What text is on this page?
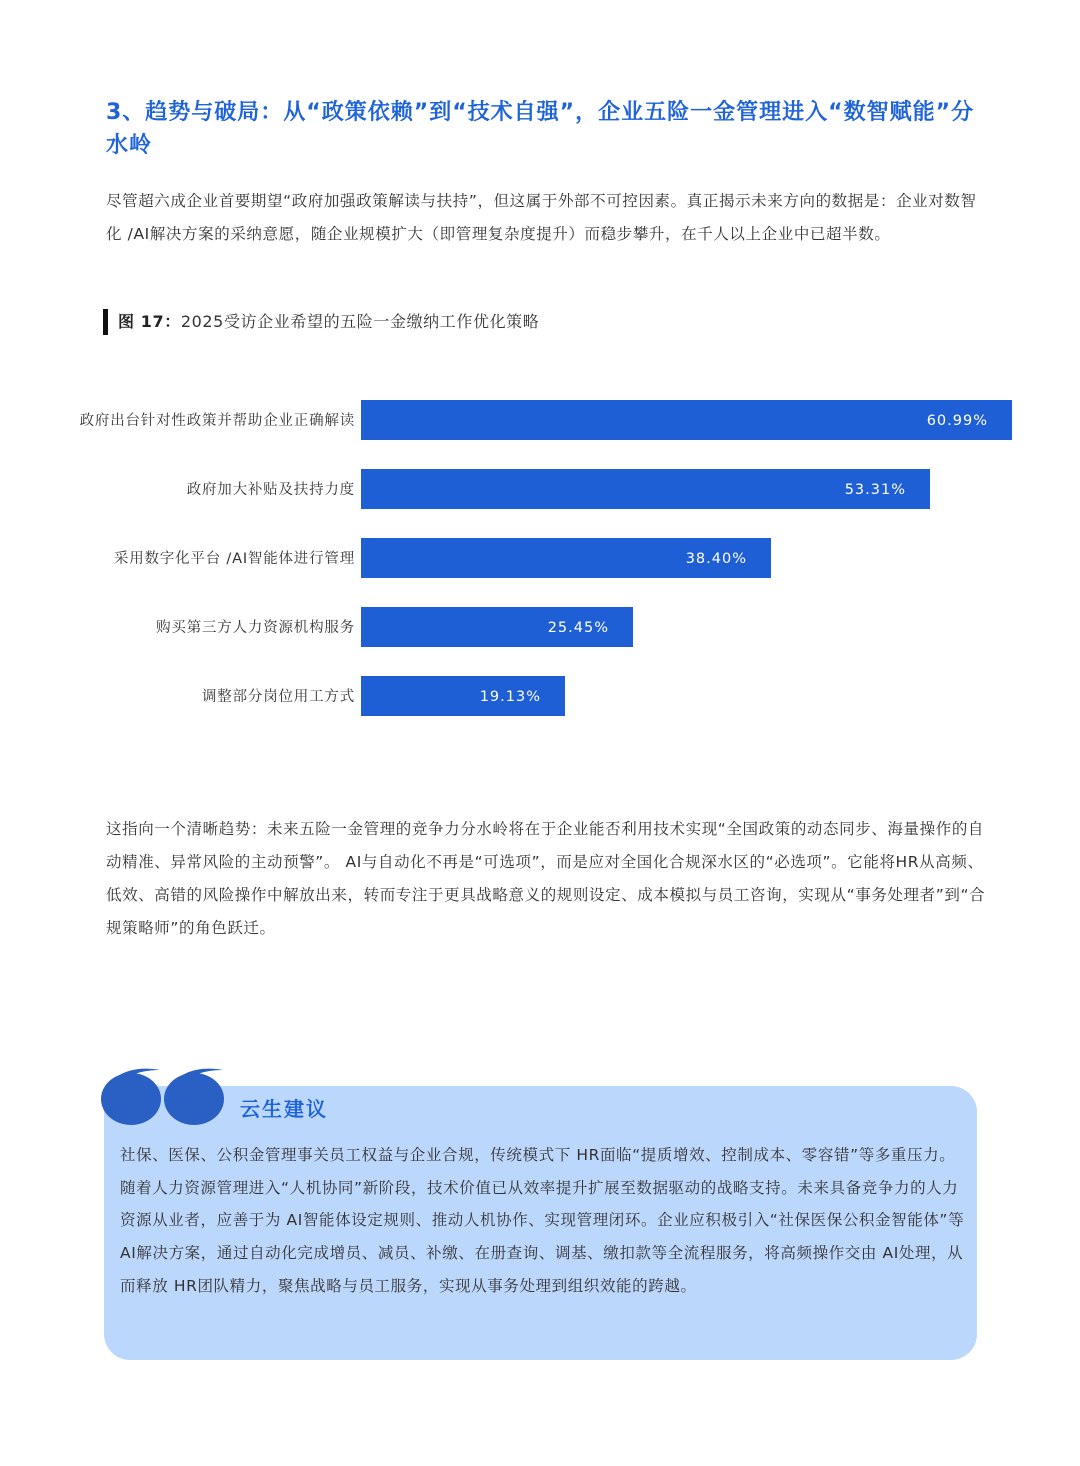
3、趋势与破局：从“政策依赖”到“技术自强”，企业五险一金管理进入“数智赋能”分水岭
尽管超六成企业首要期望“政府加强政策解读与扶持”，但这属于外部不可控因素。真正揭示未来方向的数据是：企业对数智化 /AI解决方案的采纳意愿，随企业规模扩大（即管理复杂度提升）而稳步攀升，在千人以上企业中已超半数。
图 17：2025受访企业希望的五险一金缴纳工作优化策略
政府出台针对性政策并帮助企业正确解读	60.99%
政府加大补贴及扶持力度	53.31%
采用数字化平台 /AI智能体进行管理	38.40%
购买第三方人力资源机构服务	25.45%
调整部分岗位用工方式	19.13%
这指向一个清晰趋势：未来五险一金管理的竞争力分水岭将在于企业能否利用技术实现“全国政策的动态同步、海量操作的自动精准、异常风险的主动预警”。 AI与自动化不再是“可选项”，而是应对全国化合规深水区的“必选项”。它能将HR从高频、低效、高错的风险操作中解放出来，转而专注于更具战略意义的规则设定、成本模拟与员工咨询，实现从“事务处理者”到“合规策略师”的角色跃迁。
云生建议
社保、医保、公积金管理事关员工权益与企业合规，传统模式下 HR面临“提质增效、控制成本、零容错”等多重压力。随着人力资源管理进入“人机协同”新阶段，技术价值已从效率提升扩展至数据驱动的战略支持。未来具备竞争力的人力资源从业者，应善于为 AI智能体设定规则、推动人机协作、实现管理闭环。企业应积极引入“社保医保公积金智能体”等 AI解决方案，通过自动化完成增员、减员、补缴、在册查询、调基、缴扣款等全流程服务，将高频操作交由 AI处理，从而释放 HR团队精力，聚焦战略与员工服务，实现从事务处理到组织效能的跨越。
